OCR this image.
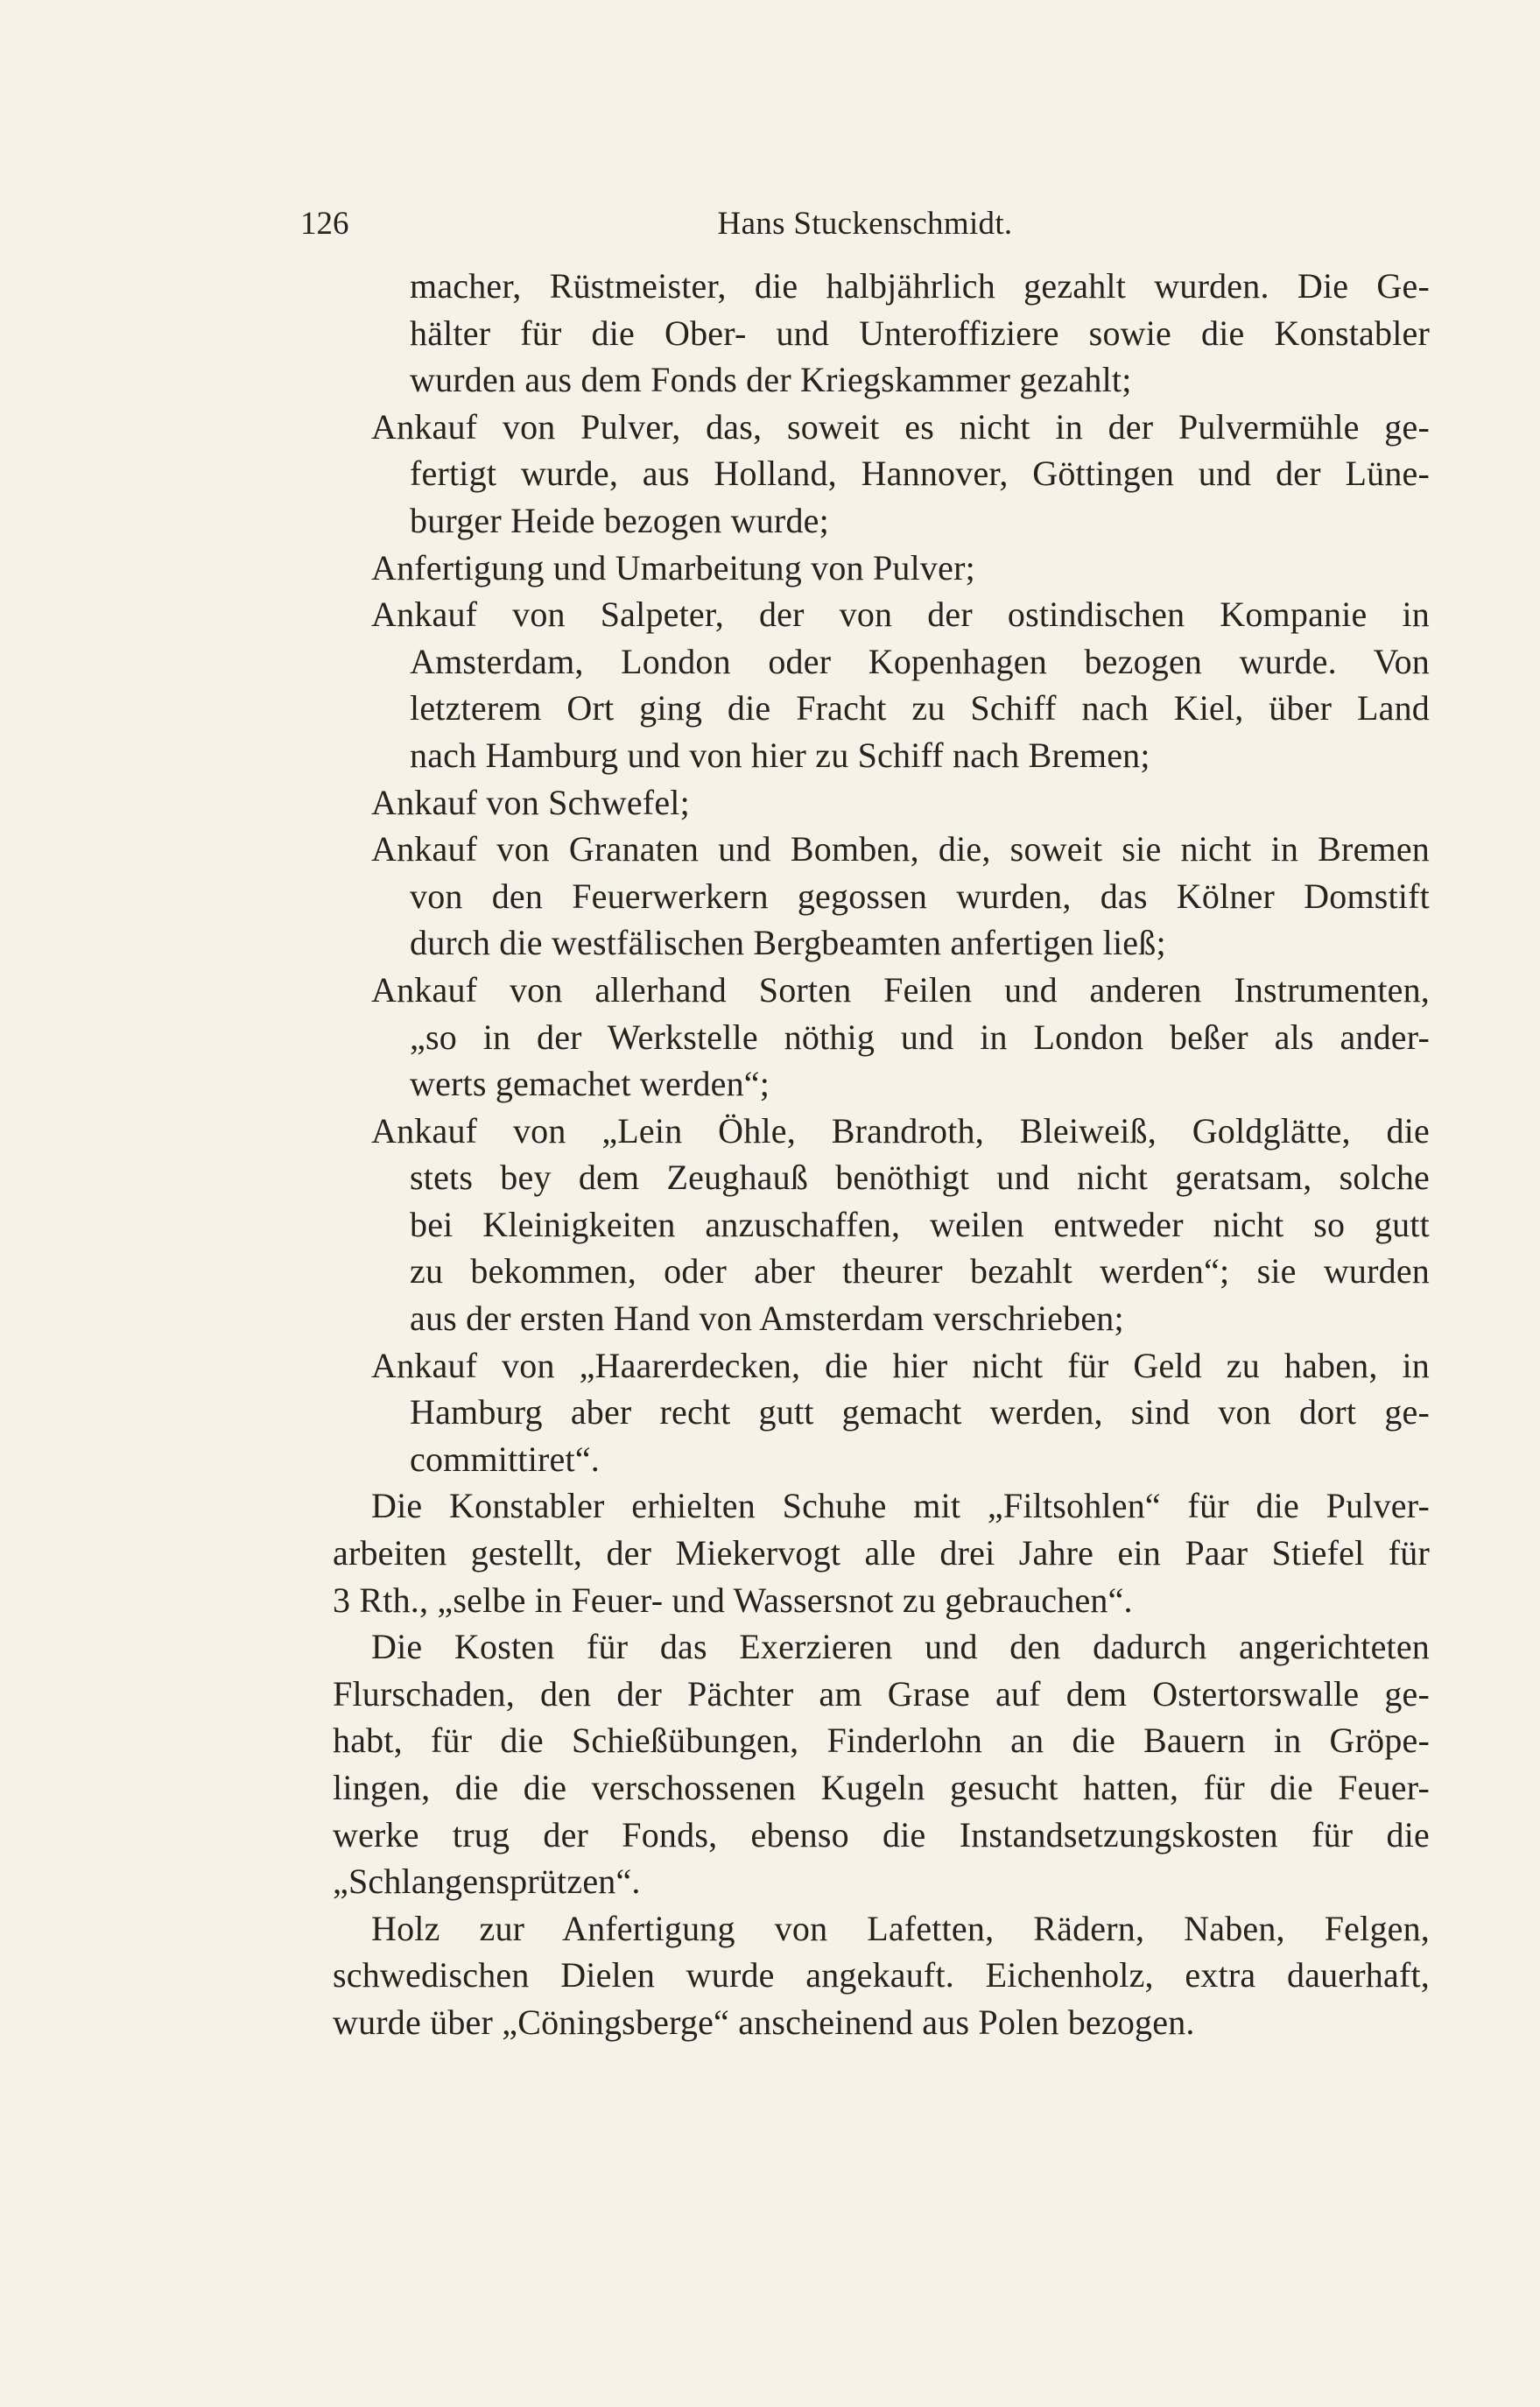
126	Hans Stuckenschmidt.
macher, Rüstmeister, die halbjährlich gezahlt wurden. Die Ge-
hälter für die Ober- und Unteroffiziere sowie die Konstabler
wurden aus dem Fonds der Kriegskammer gezahlt;
Ankauf von Pulver, das, soweit es nicht in der Pulvermühle ge-
fertigt wurde, aus Holland, Hannover, Göttingen und der Lüne-
burger Heide bezogen wurde;
Anfertigung und Umarbeitung von Pulver;
Ankauf von Salpeter, der von der ostindischen Kompanie in
Amsterdam, London oder Kopenhagen bezogen wurde. Von
letzterem Ort ging die Fracht zu Schiff nach Kiel, über Land
nach Hamburg und von hier zu Schiff nach Bremen;
Ankauf von Schwefel;
Ankauf von Granaten und Bomben, die, soweit sie nicht in Bremen
von den Feuerwerkern gegossen wurden, das Kölner Domstift
durch die westfälischen Bergbeamten anfertigen ließ;
Ankauf von allerhand Sorten Feilen und anderen Instrumenten,
„so in der Werkstelle nöthig und in London beßer als ander-
werts gemachet werden“;
Ankauf von „Lein Öhle, Brandroth, Bleiweiß, Goldglätte, die
stets bey dem Zeughauß benöthigt und nicht geratsam, solche
bei Kleinigkeiten anzuschaffen, weilen entweder nicht so gutt
zu bekommen, oder aber theurer bezahlt werden“; sie wurden
aus der ersten Hand von Amsterdam verschrieben;
Ankauf von „Haarerdecken, die hier nicht für Geld zu haben, in
Hamburg aber recht gutt gemacht werden, sind von dort ge-
committiret“.
Die Konstabler erhielten Schuhe mit „Filtsohlen“ für die Pulver-
arbeiten gestellt, der Miekervogt alle drei Jahre ein Paar Stiefel für
3 Rth., „selbe in Feuer- und Wassersnot zu gebrauchen“.
Die Kosten für das Exerzieren und den dadurch angerichteten
Flurschaden, den der Pächter am Grase auf dem Ostertorswalle ge-
habt, für die Schießübungen, Finderlohn an die Bauern in Gröpe-
lingen, die die verschossenen Kugeln gesucht hatten, für die Feuer-
werke trug der Fonds, ebenso die Instandsetzungskosten für die
„Schlangensprützen“.
Holz zur Anfertigung von Lafetten, Rädern, Naben, Felgen,
schwedischen Dielen wurde angekauft. Eichenholz, extra dauerhaft,
wurde über „Cöningsberge“ anscheinend aus Polen bezogen.
